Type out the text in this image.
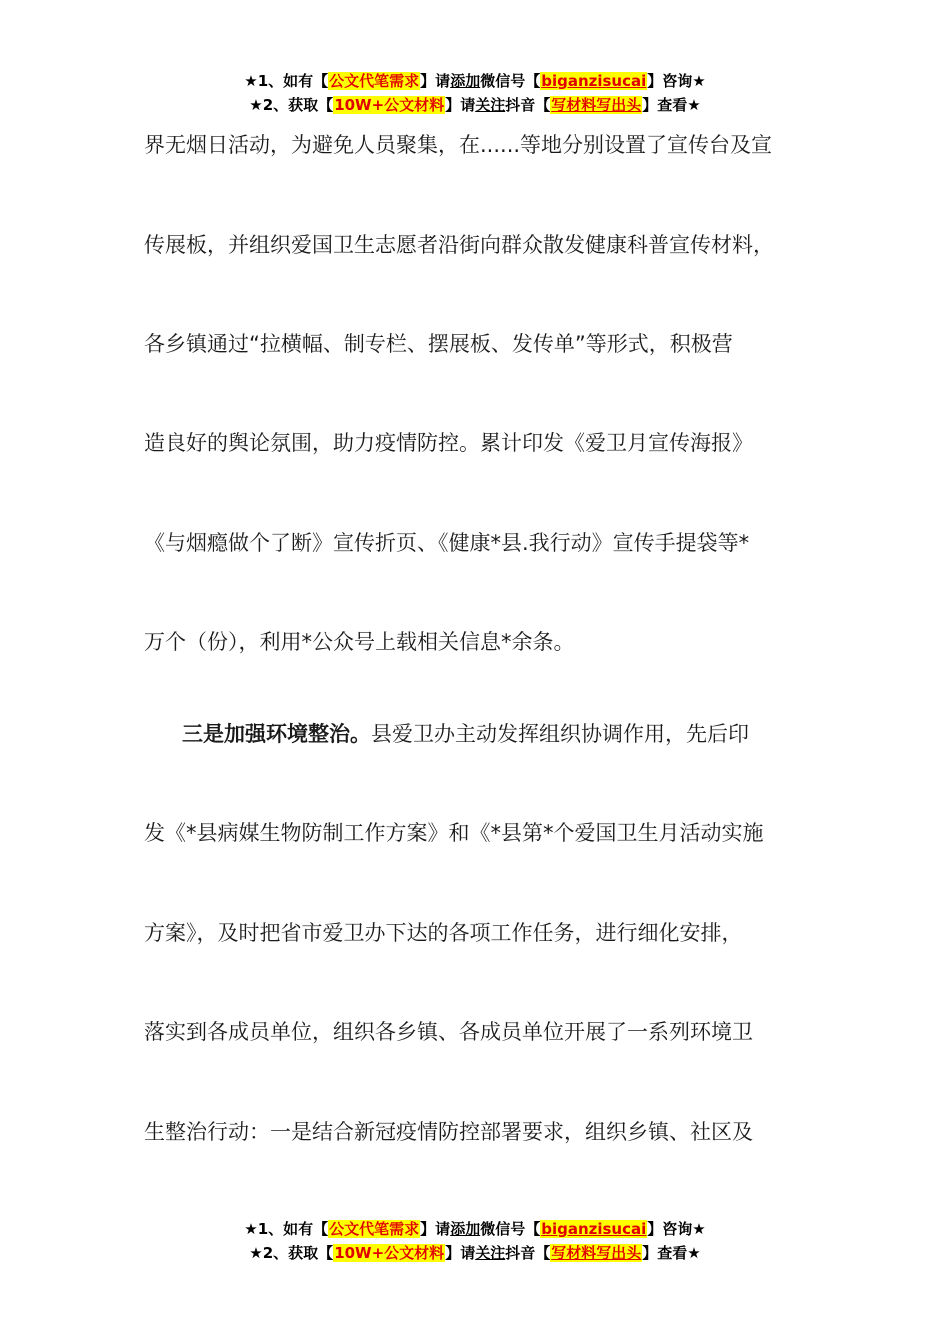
★1、如有【公文代笔需求】请添加微信号【biganzisucai】咨询★
★2、获取【10W+公文材料】请关注抖音【写材料写出头】查看★
界无烟日活动，为避免人员聚集，在......等地分别设置了宣传台及宣
传展板，并组织爱国卫生志愿者沿街向群众散发健康科普宣传材料，
各乡镇通过“拉横幅、制专栏、摆展板、发传单”等形式，积极营
造良好的舆论氛围，助力疫情防控。累计印发《爱卫月宣传海报》
《与烟瘾做个了断》宣传折页、《健康*县.我行动》宣传手提袋等*
万个（份），利用*公众号上载相关信息*余条。
三是加强环境整治。县爱卫办主动发挥组织协调作用，先后印
发《*县病媒生物防制工作方案》和《*县第*个爱国卫生月活动实施
方案》，及时把省市爱卫办下达的各项工作任务，进行细化安排，
落实到各成员单位，组织各乡镇、各成员单位开展了一系列环境卫
生整治行动：一是结合新冠疫情防控部署要求，组织乡镇、社区及
★1、如有【公文代笔需求】请添加微信号【biganzisucai】咨询★
★2、获取【10W+公文材料】请关注抖音【写材料写出头】查看★
